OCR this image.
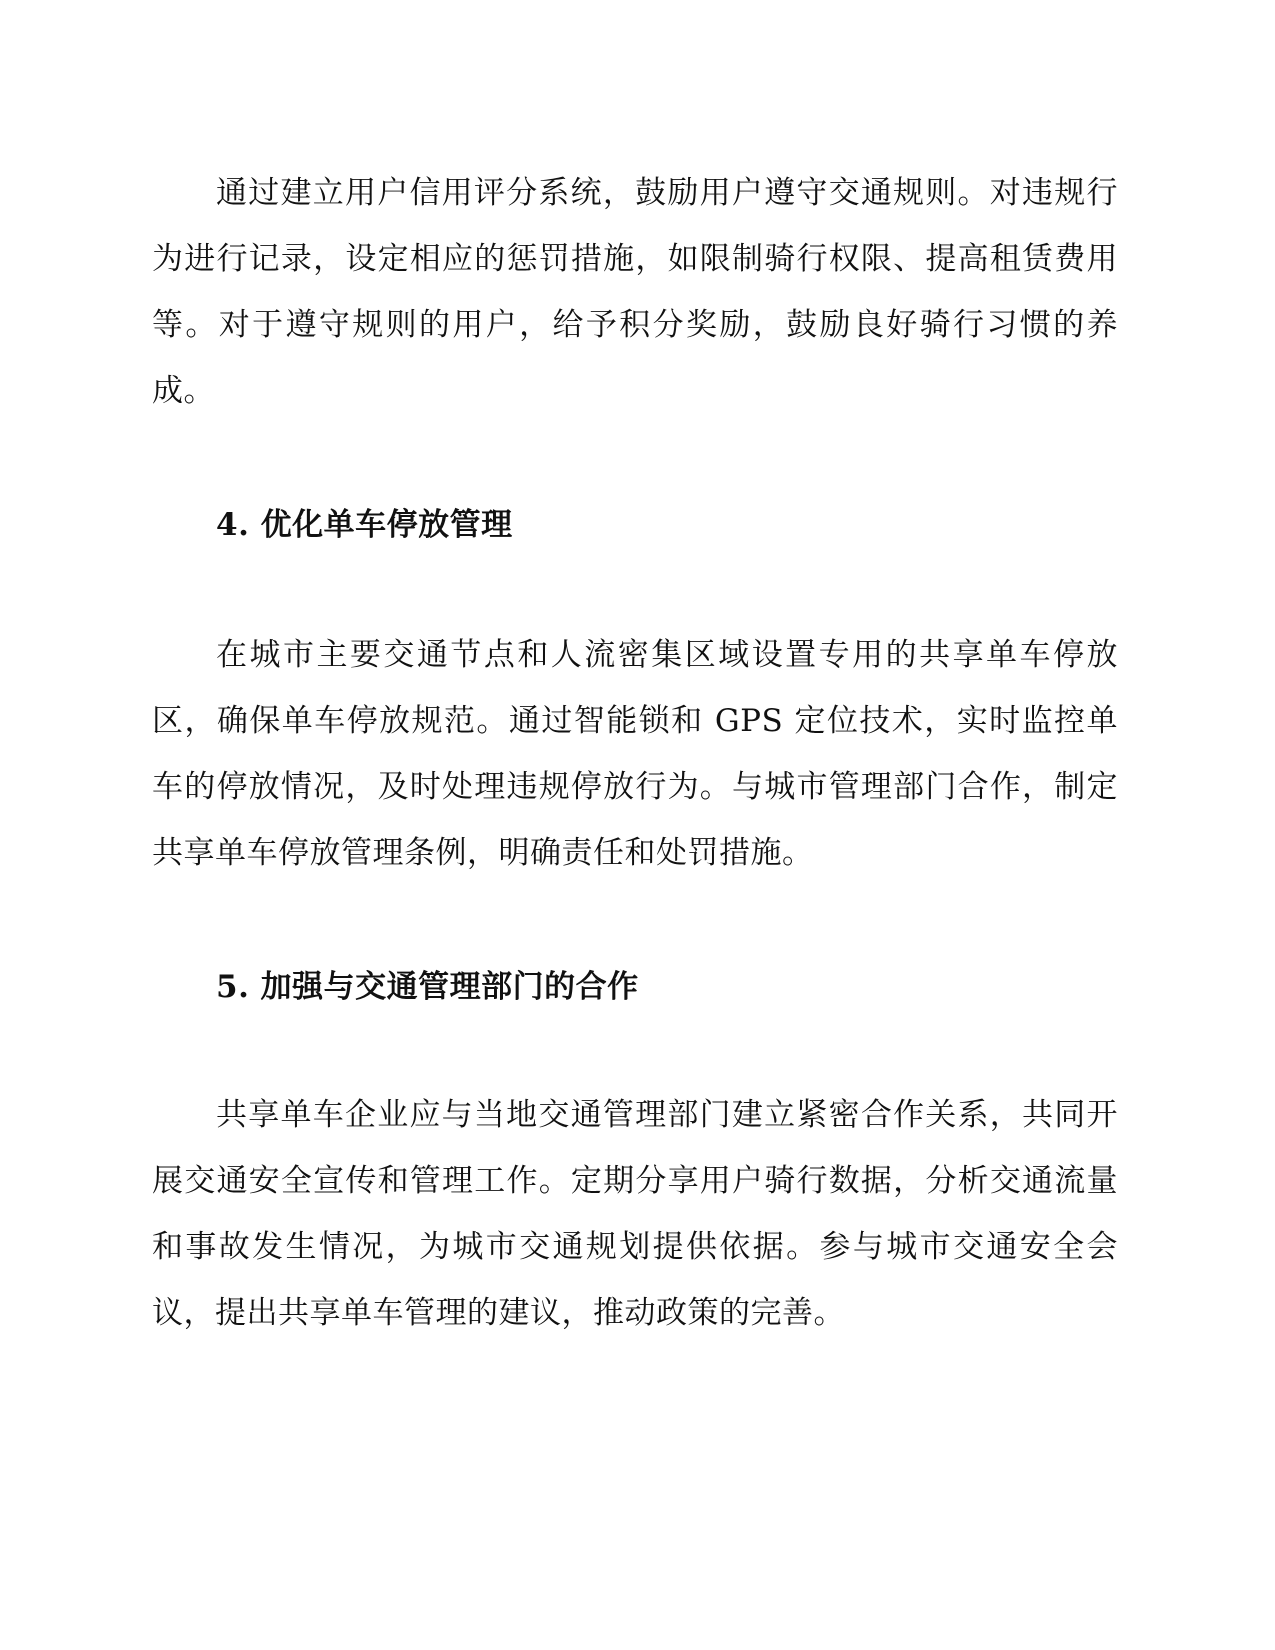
通过建立用户信用评分系统，鼓励用户遵守交通规则。对违规行为进行记录，设定相应的惩罚措施，如限制骑行权限、提高租赁费用等。对于遵守规则的用户，给予积分奖励，鼓励良好骑行习惯的养成。

4. 优化单车停放管理

在城市主要交通节点和人流密集区域设置专用的共享单车停放区，确保单车停放规范。通过智能锁和 GPS 定位技术，实时监控单车的停放情况，及时处理违规停放行为。与城市管理部门合作，制定共享单车停放管理条例，明确责任和处罚措施。

5. 加强与交通管理部门的合作

共享单车企业应与当地交通管理部门建立紧密合作关系，共同开展交通安全宣传和管理工作。定期分享用户骑行数据，分析交通流量和事故发生情况，为城市交通规划提供依据。参与城市交通安全会议，提出共享单车管理的建议，推动政策的完善。
